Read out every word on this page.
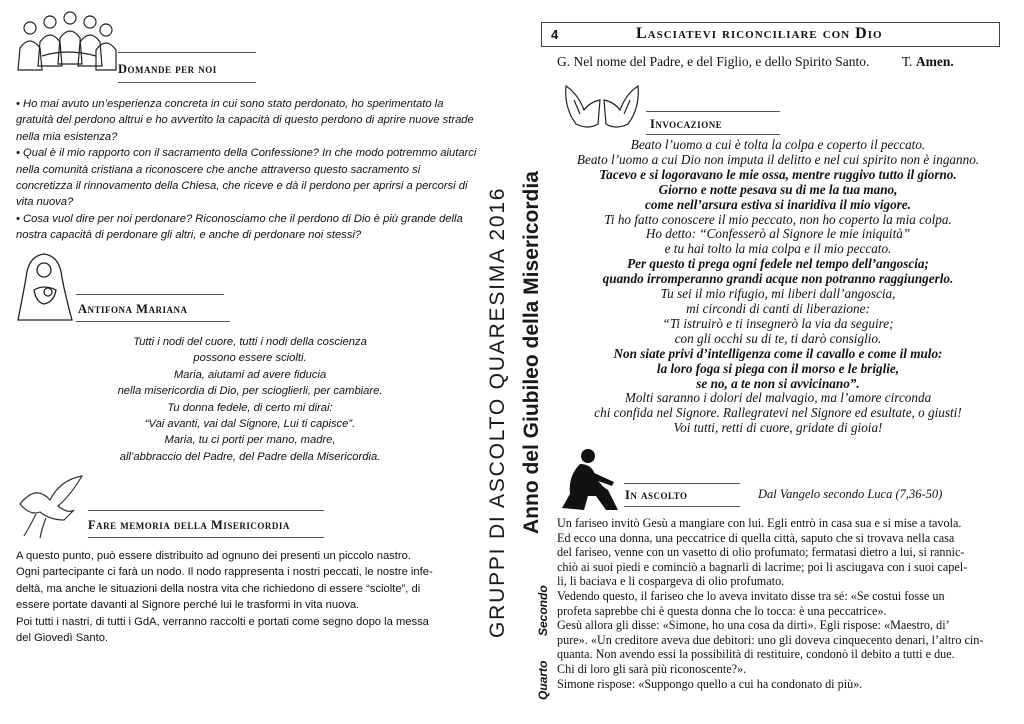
Domande per noi
• Ho mai avuto un’esperienza concreta in cui sono stato perdonato, ho sperimentato la gratuità del perdono altrui e ho avvertito la capacità di questo perdono di aprire nuove strade nella mia esistenza?
• Qual è il mio rapporto con il sacramento della Confessione? In che modo potremmo aiutarci nella comunità cristiana a riconoscere che anche attraverso questo sacramento si concretizza il rinnovamento della Chiesa, che riceve e dà il perdono per aprirsi a percorsi di vita nuova?
• Cosa vuol dire per noi perdonare? Riconosciamo che il perdono di Dio è più grande della nostra capacità di perdonare gli altri, e anche di perdonare noi stessi?
Antifona Mariana
Tutti i nodi del cuore, tutti i nodi della coscienza
possono essere sciolti.
Maria, aiutami ad avere fiducia
nella misericordia di Dio, per scioglierli, per cambiare.
Tu donna fedele, di certo mi dirai:
“Vai avanti, vai dal Signore, Lui ti capisce”.
Maria, tu ci porti per mano, madre,
all’abbraccio del Padre, del Padre della Misericordia.
Fare memoria della Misericordia
A questo punto, può essere distribuito ad ognuno dei presenti un piccolo nastro.
Ogni partecipante ci farà un nodo. Il nodo rappresenta i nostri peccati, le nostre infe-
deltà, ma anche le situazioni della nostra vita che richiedono di essere “sciolte”, di
essere portate davanti al Signore perché lui le trasformi in vita nuova.
Poi tutti i nastri, di tutti i GdA, verranno raccolti e portati come segno dopo la messa
del Giovedì Santo.
GRUPPI DI ASCOLTO QUARESIMA 2016 Anno del Giubileo della Misericordia
Quarto
Secondo
4	Lasciatevi riconciliare con Dio
G. Nel nome del Padre, e del Figlio, e dello Spirito Santo. T. Amen.
Invocazione
Beato l’uomo a cui è tolta la colpa e coperto il peccato.
Beato l’uomo a cui Dio non imputa il delitto e nel cui spirito non è inganno.
Tacevo e si logoravano le mie ossa, mentre ruggivo tutto il giorno.
Giorno e notte pesava su di me la tua mano,
come nell’arsura estiva si inaridiva il mio vigore.
Ti ho fatto conoscere il mio peccato, non ho coperto la mia colpa.
Ho detto: “Confesserò al Signore le mie iniquità”
e tu hai tolto la mia colpa e il mio peccato.
Per questo ti prega ogni fedele nel tempo dell’angoscia;
quando irromperanno grandi acque non potranno raggiungerlo.
Tu sei il mio rifugio, mi liberi dall’angoscia,
mi circondi di canti di liberazione:
“Ti istruirò e ti insegnerò la via da seguire;
con gli occhi su di te, ti darò consiglio.
Non siate privi d’intelligenza come il cavallo e come il mulo:
la loro foga si piega con il morso e le briglie,
se no, a te non si avvicinano”.
Molti saranno i dolori del malvagio, ma l’amore circonda
chi confida nel Signore. Rallegratevi nel Signore ed esultate, o giusti!
Voi tutti, retti di cuore, gridate di gioia!
In ascolto	Dal Vangelo secondo Luca (7,36-50)
Un fariseo invitò Gesù a mangiare con lui. Egli entrò in casa sua e si mise a tavola.
Ed ecco una donna, una peccatrice di quella città, saputo che si trovava nella casa
del fariseo, venne con un vasetto di olio profumato; fermatasi dietro a lui, si rannic-
chiò ai suoi piedi e cominciò a bagnarli di lacrime; poi li asciugava con i suoi capel-
li, li baciava e li cospargeva di olio profumato.
Vedendo questo, il fariseo che lo aveva invitato disse tra sé: «Se costui fosse un
profeta saprebbe chi è questa donna che lo tocca: è una peccatrice».
Gesù allora gli disse: «Simone, ho una cosa da dirti». Egli rispose: «Maestro, di’
pure». «Un creditore aveva due debitori: uno gli doveva cinquecento denari, l’altro cin-
quanta. Non avendo essi la possibilità di restituire, condonò il debito a tutti e due.
Chi di loro gli sarà più riconoscente?».
Simone rispose: «Suppongo quello a cui ha condonato di più».
